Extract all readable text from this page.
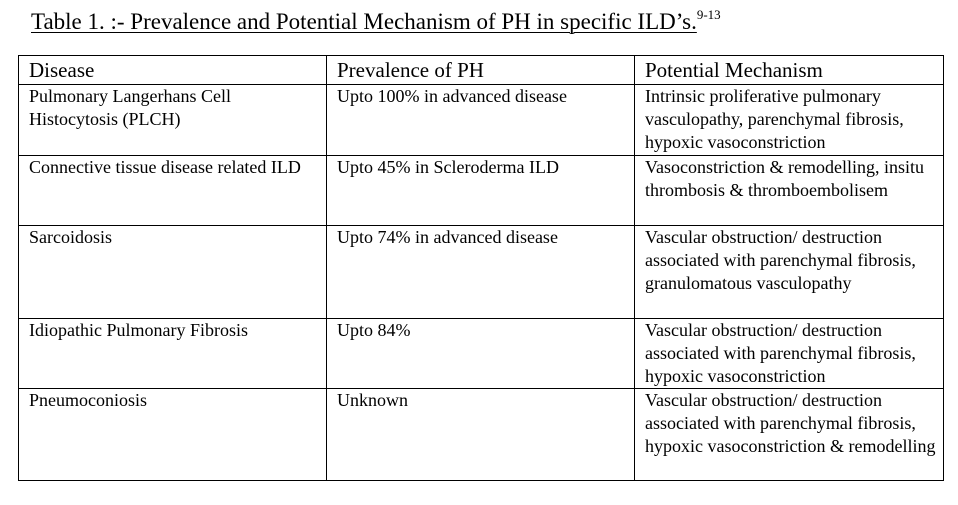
Table 1. :- Prevalence and Potential Mechanism of PH in specific ILD’s.$^{9-13}$
Disease	Prevalence of PH	Potential Mechanism
Pulmonary Langerhans Cell Histocytosis (PLCH)	Upto 100% in advanced disease	Intrinsic proliferative pulmonary vasculopathy, parenchymal fibrosis, hypoxic vasoconstriction
Connective tissue disease related ILD	Upto 45% in Scleroderma ILD	Vasoconstriction & remodelling, insitu thrombosis & thromboembolisem
Sarcoidosis	Upto 74% in advanced disease	Vascular obstruction/ destruction associated with parenchymal fibrosis, granulomatous vasculopathy
Idiopathic Pulmonary Fibrosis	Upto 84%	Vascular obstruction/ destruction associated with parenchymal fibrosis, hypoxic vasoconstriction
Pneumoconiosis	Unknown	Vascular obstruction/ destruction associated with parenchymal fibrosis, hypoxic vasoconstriction & remodelling
